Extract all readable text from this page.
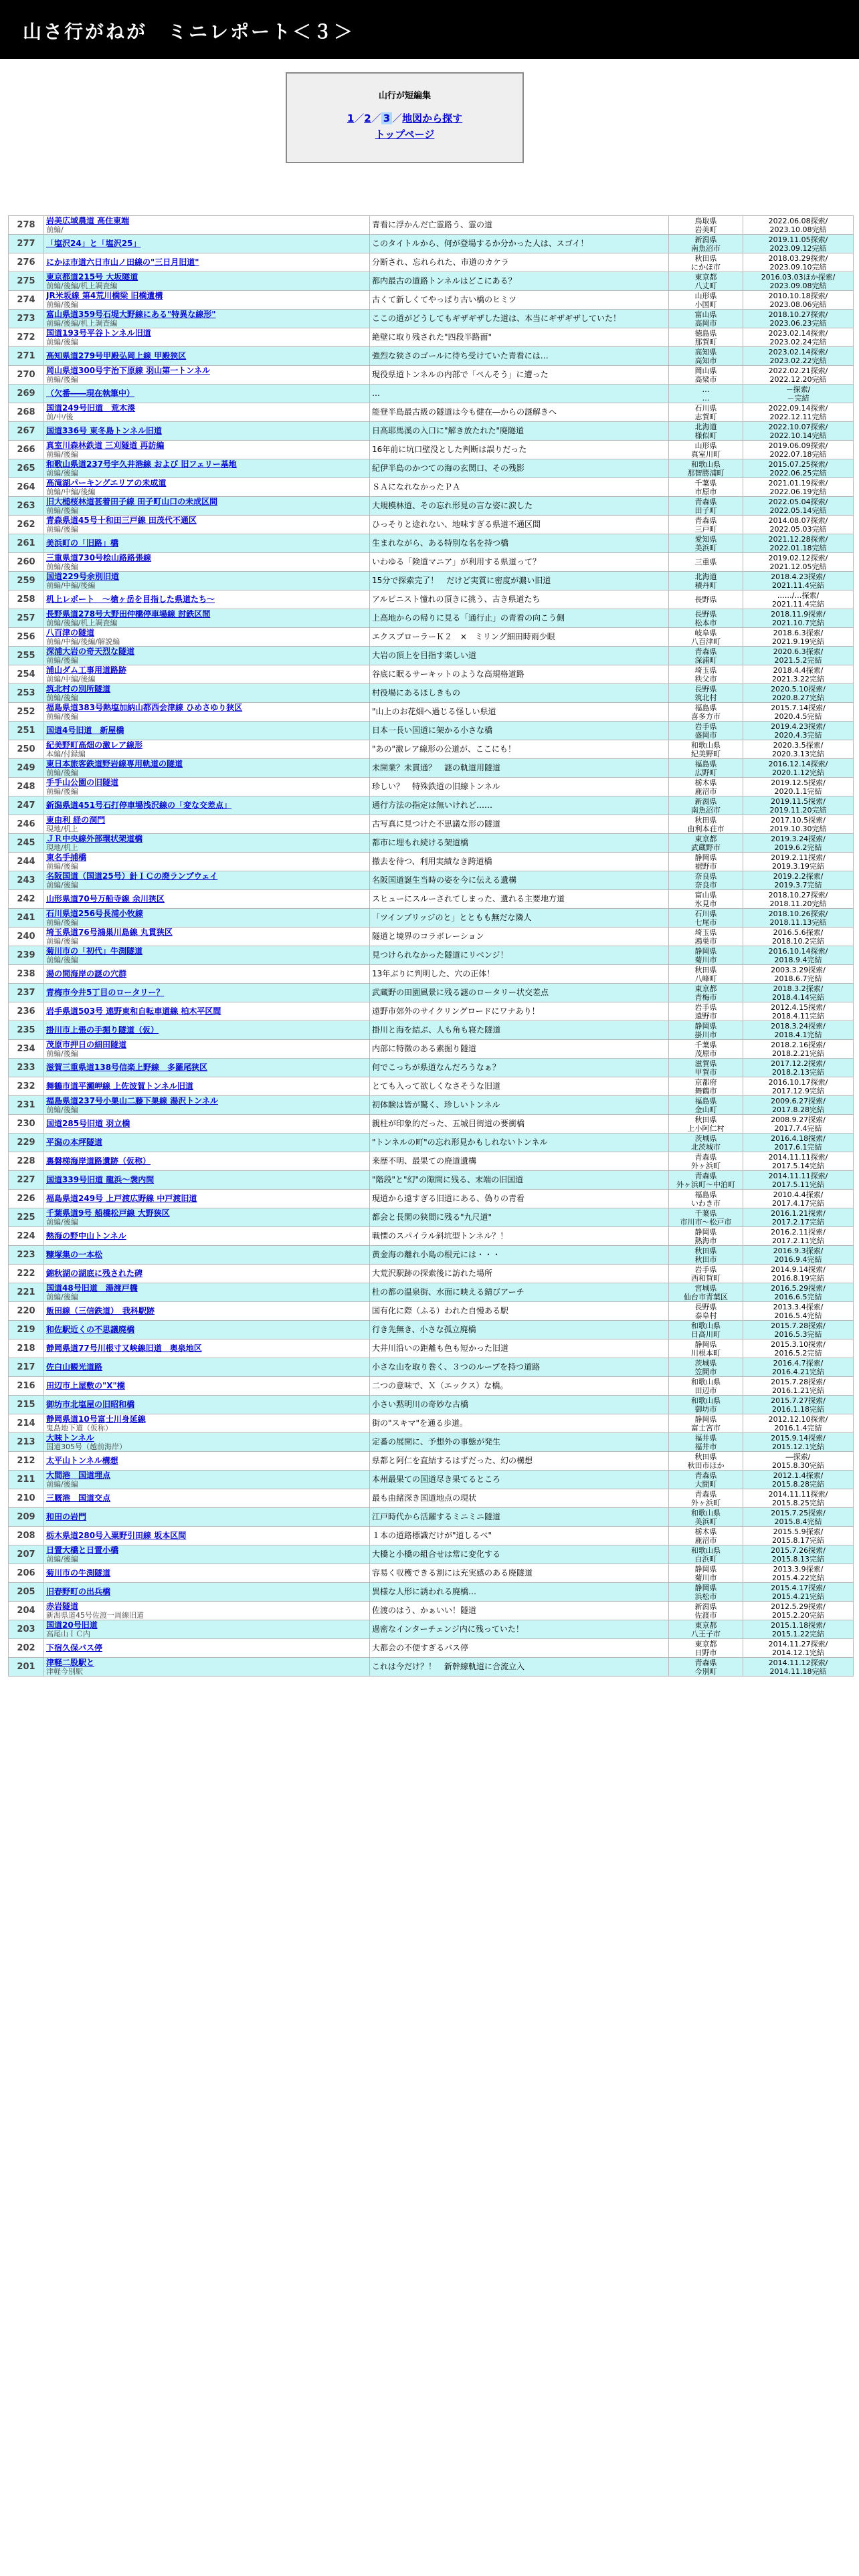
山さ行がねが　ミニレポート＜３＞
山行が短編集
1／2／ 3 ／地図から探す
トップページ
278	岩美広域農道 高住東端
前編/	青看に浮かんだ亡霊路う、霊の道	鳥取県
岩美町	2022.06.08探索/
2023.10.08完結

277	「塩沢24」と「塩沢25」	このタイトルから、何が登場するか分かった人は、スゴイ！	新潟県
南魚沼市	2019.11.05探索/
2023.09.12完結

276	にかほ市道六日市山ノ田線の"三日月旧道"	分断され、忘れられた、市道のカケラ	秋田県
にかほ市	2018.03.29探索/
2023.09.10完結

275	東京都道215号 大坂隧道
前編/後編/机上調査編	都内最古の道路トンネルはどこにある？	東京都
八丈町	2016.03.03ほか探索/
2023.09.08完結

274	JR米坂線 第4荒川橋梁 旧橋遺構
前編/後編	古くて新しくてやっぱり古い橋のヒミツ	山形県
小国町	2010.10.18探索/
2023.08.06完結

273	富山県道359号石堤大野線にある"特異な線形"
前編/後編/机上調査編	ここの道がどうしてもギザギザした道は、本当にギザギザしていた！	富山県
高岡市	2018.10.27探索/
2023.06.23完結

272	国道193号平谷トンネル旧道
前編/後編	絶壁に取り残された"四段半路面"	徳島県
那賀町	2023.02.14探索/
2023.02.24完結

271	高知県道279号甲殿弘岡上線 甲殿狭区	強烈な狭さのゴールに待ち受けていた青看には…	高知県
高知市	2023.02.14探索/
2023.02.22完結

270	岡山県道300号宇治下原線 羽山第一トンネル
前編/後編	現役県道トンネルの内部で「ぺんそう」に遭った	岡山県
高梁市	2022.02.21探索/
2022.12.20完結

269	（欠番――現在執筆中）	…	…
…	－探索/
－完結

268	国道249号旧道　荒木湊
前/中/後	能登半島最古級の隧道は今も健在―からの謎解きへ	石川県
志賀町	2022.09.14探索/
2022.12.11完結

267	国道336号 東冬島トンネル旧道	日高耶馬溪の入口に"解き放たれた"廃隧道	北海道
様似町	2022.10.07探索/
2022.10.14完結

266	真室川森林鉄道 三刈隧道 再訪編
前編/後編	16年前に坑口壁没とした判断は誤りだった	山形県
真室川町	2019.06.09探索/
2022.07.18完結

265	和歌山県道237号宇久井港線 および 旧フェリー基地
前編/後編	紀伊半島のかつての海の玄関口、その残影	和歌山県
那智勝浦町	2015.07.25探索/
2022.06.25完結

264	高滝湖パーキングエリアの未成道
前編/中編/後編	ＳＡになれなかったＰＡ	千葉県
市原市	2021.01.19探索/
2022.06.19完結

263	旧大槌桜林道甚着田子線 田子町山口の未成区間
前編/後編	大規模林道、その忘れ形見の言な姿に涙した	青森県
田子町	2022.05.04探索/
2022.05.14完結

262	青森県道45号十和田三戸線 田茂代不通区
前編/後編	ひっそりと途れない、地味すぎる県道不通区間	青森県
三戸町	2014.08.07探索/
2022.05.03完結

261	美浜町の「旧路」橋	生まれながら、ある特別な名を持つ橋	愛知県
美浜町	2021.12.28探索/
2022.01.18完結

260	三重県道730号桧山路路張線
前編/後編	いわゆる「険道マニア」が利用する県道って？	三重県	2019.02.12探索/
2021.12.05完結

259	国道229号余別旧道
前編/中編/後編	15分で探索完了！　だけど実質に密度が濃い旧道	北海道
積丹町	2018.4.23探索/
2021.11.4完結

258	机上レポート　～槍ヶ岳を目指した県道たち～	アルピニスト憧れの頂きに挑う、古き県道たち	長野県	……/…探索/
2021.11.4完結

257	長野県道278号大野田仲橋停車場線 討鉄区間
前編/後編/机上調査編	上高地からの帰りに見る「通行止」の青看の向こう側	長野県
松本市	2018.11.9探索/
2021.10.7完結

256	八百津の隧道
前編/中編/後編/解説編	エクスプローラーＫ２　×　ミリング細田時雨少眼	岐阜県
八百津町	2018.6.3探索/
2021.9.19完結

255	深浦大岩の奇天烈な隧道
前編/後編	大岩の頂上を目指す楽しい道	青森県
深浦町	2020.6.3探索/
2021.5.2完結

254	浦山ダム工事用道路跡
前編/中編/後編	谷底に眠るサーキットのような高規格道路	埼玉県
秩父市	2018.4.4探索/
2021.3.22完結

253	筑北村の別所隧道
前編/後編	村役場にあるほしきもの	長野県
筑北村	2020.5.10探索/
2020.8.27完結

252	福島県道383号熱塩加納山都西会津線 ひめさゆり狭区
前編/後編	"山上のお花畑へ過じる怪しい県道	福島県
喜多方市	2015.7.14探索/
2020.4.5完結

251	国道4号旧道　新屋橋	日本一長い国道に架かる小さな橋	岩手県
盛岡市	2019.4.23探索/
2020.4.3完結

250	紀美野町高畑の激レア線形
本編/付録編	"あの"激レア線形の公道が、ここにも！	和歌山県
紀美野町	2020.3.5探索/
2020.3.13完結

249	東日本旅客鉄道野岩線専用軌道の隧道
前編/後編	未開業？未貫通？　謎の軌道用隧道	福島県
広野町	2016.12.14探索/
2020.1.12完結

248	手手山公園の旧隧道
前編/後編	珍しい？　特殊鉄道の旧線トンネル	栃木県
鹿沼市	2019.12.5探索/
2020.1.1完結

247	新潟県道451号石打停車場浅沢線の「変な交差点」	通行方法の指定は無いけれど……	新潟県
南魚沼市	2019.11.5探索/
2019.11.20完結

246	東由利 経の洞門
現地/机上	古写真に見つけた不思議な形の隧道	秋田県
由利本荘市	2017.10.5探索/
2019.10.30完結

245	ＪＲ中央線外部環状架道橋
現地/机上	都市に埋もれ続ける架道橋	東京都
武蔵野市	2019.3.24探索/
2019.6.2完結

244	東名手捕橋
前編/後編	撤去を待つ、利用実績なき跨道橋	静岡県
裾野市	2019.2.11探索/
2019.3.19完結

243	名阪国道（国道25号）針ＩＣの廃ランプウェイ
前編/後編	名阪国道誕生当時の姿を今に伝える遺構	奈良県
奈良市	2019.2.2探索/
2019.3.7完結

242	山形県道70号万船寺線 余川狭区	スヒューにスルーされてしまった、遺れる主要地方道	富山県
氷見市	2018.10.27探索/
2018.11.20完結

241	石川県道256号長浦小牧線
前編/後編	「ツインブリッジのと」とともも無だな隣人	石川県
七尾市	2018.10.26探索/
2018.11.13完結

240	埼玉県道76号鴻巣川島線 丸貫狭区
前編/後編	隧道と境界のコラボレーション	埼玉県
鴻巣市	2016.5.6探索/
2018.10.2完結

239	菊川市の「初代」牛渕隧道
前編/後編	見つけられなかった隧道にリベンジ！	静岡県
菊川市	2016.10.14探索/
2018.9.4完結

238	湯の間海岸の謎の穴群	13年ぶりに判明した、穴の正体！	秋田県
八峰町	2003.3.29探索/
2018.6.7完結

237	青梅市今井5丁目のロータリー？	武蔵野の田園風景に残る謎のロータリー状交差点	東京都
青梅市	2018.3.2探索/
2018.4.14完結

236	岩手県道503号 遠野東和自転車道線 柏木平区間	遠野市郊外のサイクリングロードにワナあり！	岩手県
遠野市	2012.4.15探索/
2018.4.11完結

235	掛川市上張の手掘り隧道（仮）	掛川と海を結ぶ、人も角も寝た隧道	静岡県
掛川市	2018.3.24探索/
2018.4.1完結

234	茂原市押日の細田隧道
前編/後編	内部に特徴のある素掘り隧道	千葉県
茂原市	2018.2.16探索/
2018.2.21完結

233	滋賀三重県道138号信楽上野線　多羅尾狭区	何でこっちが県道なんだろうなぁ？	滋賀県
甲賀市	2017.12.2探索/
2018.2.13完結

232	舞鶴市道平瀬岬線 上佐波賀トンネル旧道	とても入って欲しくなさそうな旧道	京都府
舞鶴市	2016.10.17探索/
2017.12.9完結

231	福島県道237号小巣山二藤下巣線 湯沢トンネル
前編/後編	初体験は皆が驚く、珍しいトンネル	福島県
金山町	2009.6.27探索/
2017.8.28完結

230	国道285号旧道 羽立橋	親柱が印象的だった、五城目街道の要衝橋	秋田県
上小阿仁村	2008.9.27探索/
2017.7.4完結

229	平潟の本坪隧道	"トンネルの町"の忘れ形見かもしれないトンネル	茨城県
北茨城市	2016.4.18探索/
2017.6.1完結

228	裏磐梯海岸道路遺跡（仮称）	来歴不明、最果ての廃道遺構	青森県
外ヶ浜町	2014.11.11探索/
2017.5.14完結

227	国道339号旧道 龍浜～袰内間	"階段"と"幻"の隙間に残る、末端の旧国道	青森県
外ヶ浜町～中泊町	2014.11.11探索/
2017.5.11完結

226	福島県道249号 上戸渡広野線 中戸渡旧道	現道から遠すぎる旧道にある、偽りの青看	福島県
いわき市	2010.4.4探索/
2017.4.17完結

225	千葉県道9号 船橋松戸線 大野狭区
前編/後編	都会と長閑の狭間に残る"九尺道"	千葉県
市川市～松戸市	2016.1.21探索/
2017.2.17完結

224	熱海の野中山トンネル	戦慄のスパイラル斜坑型トンネル？！	静岡県
熱海市	2016.2.11探索/
2017.2.11完結

223	糠塚集の一本松	黄金海の離れ小島の根元には・・・	秋田県
秋田市	2016.9.3探索/
2016.9.4完結

222	錦秋湖の湖底に残された碑	大荒沢駅跡の探索後に訪れた場所	岩手県
西和賀町	2014.9.14探索/
2016.8.19完結

221	国道48号旧道　湯渡戸橋
前編/後編	杜の都の温泉街、水面に映える錆びアーチ	宮城県
仙台市青葉区	2016.5.29探索/
2016.6.5完結

220	飯田線（三信鉄道）　我科駅跡	国有化に際（ふる）われた自慢ある駅	長野県
泰阜村	2013.3.4探索/
2016.5.4完結

219	和佐駅近くの不思議廃橋	行き先無き、小さな孤立廃橋	和歌山県
日高川町	2015.7.28探索/
2016.5.3完結

218	静岡県道77号川根寸又峡線旧道　奥泉地区	大井川沿いの距離も色も短かった旧道	静岡県
川根本町	2015.3.10探索/
2016.5.2完結

217	佐白山観光道路	小さな山を取り巻く、３つのループを持つ道路	茨城県
笠間市	2016.4.7探索/
2016.4.21完結

216	田辺市上屋敷の"X"橋	二つの意味で、Ｘ（エックス）な橋。	和歌山県
田辺市	2015.7.28探索/
2016.1.21完結

215	御坊市北塩屋の旧昭和橋	小さい黙明川の奇妙な古橋	和歌山県
御坊市	2015.7.27探索/
2016.1.18完結

214	静岡県道10号富士川身延線
鬼島地下道（仮称）	街の"スキマ"を通る歩道。	静岡県
富士宮市	2012.12.10探索/
2016.1.4完結

213	大味トンネル
国道305号（越前海岸）	定番の展開に、予想外の事態が発生	福井県
福井市	2015.9.14探索/
2015.12.1完結

212	太平山トンネル構想	県都と阿仁を直結するはずだった、幻の構想	秋田県
秋田市ほか	―探索/
2015.8.30完結

211	大間港　国道埋点
前編/後編	本州最果ての国道尽き果てるところ	青森県
大間町	2012.1.4探索/
2015.8.28完結

210	三厩港　国道交点	最も由緒深き国道地点の現状	青森県
外ヶ浜町	2014.11.11探索/
2015.8.25完結

209	和田の岩門	江戸時代から活躍するミニミニ隧道	和歌山県
美浜町	2015.7.25探索/
2015.8.4完結

208	栃木県道280号入粟野引田線 坂本区間	１本の道路標識だけが"道しるべ"	栃木県
鹿沼市	2015.5.9探索/
2015.8.17完結

207	日置大橋と日置小橋
前編/後編	大橋と小橋の組合せは常に変化する	和歌山県
白浜町	2015.7.26探索/
2015.8.13完結

206	菊川市の牛渕隧道	容易く収穫できる割には充実感のある廃隧道	静岡県
菊川市	2013.3.9探索/
2015.4.22完結

205	旧春野町の出兵橋	異様な人形に誘われる廃橋…	静岡県
浜松市	2015.4.17探索/
2015.4.21完結

204	赤岩隧道
新潟県道45号佐渡一周線旧道	佐渡のはう、かぁいい！隧道	新潟県
佐渡市	2012.5.29探索/
2015.2.20完結

203	国道20号旧道
高尾山ＩＣ内	過密なインターチェンジ内に残っていた！	東京都
八王子市	2015.1.18探索/
2015.1.22完結

202	下宿久保バス停	大都会の不便すぎるバス停	東京都
日野市	2014.11.27探索/
2014.12.1完結

201	津軽二股駅と
津軽今別駅	これは今だけ？！　新幹線軌道に合流立入	青森県
今別町	2014.11.12探索/
2014.11.18完結
